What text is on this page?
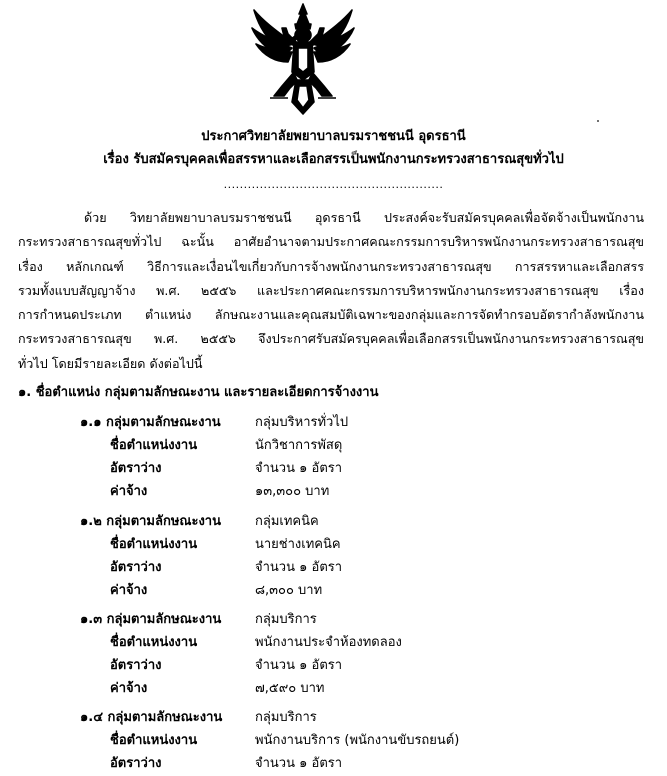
ประกาศวิทยาลัยพยาบาลบรมราชชนนี อุดรธานี
เรื่อง รับสมัครบุคคลเพื่อสรรหาและเลือกสรรเป็นพนักงานกระทรวงสาธารณสุขทั่วไป
.......................................................
ด้วย วิทยาลัยพยาบาลบรมราชชนนี อุดรธานี ประสงค์จะรับสมัครบุคคลเพื่อจัดจ้างเป็นพนักงาน
กระทรวงสาธารณสุขทั่วไป ฉะนั้น อาศัยอำนาจตามประกาศคณะกรรมการบริหารพนักงานกระทรวงสาธารณสุข
เรื่อง หลักเกณฑ์ วิธีการและเงื่อนไขเกี่ยวกับการจ้างพนักงานกระทรวงสาธารณสุข การสรรหาและเลือกสรร
รวมทั้งแบบสัญญาจ้าง พ.ศ. ๒๕๕๖ และประกาศคณะกรรมการบริหารพนักงานกระทรวงสาธารณสุข เรื่อง
การกำหนดประเภท ตำแหน่ง ลักษณะงานและคุณสมบัติเฉพาะของกลุ่มและการจัดทำกรอบอัตรากำลังพนักงาน
กระทรวงสาธารณสุข พ.ศ. ๒๕๕๖ จึงประกาศรับสมัครบุคคลเพื่อเลือกสรรเป็นพนักงานกระทรวงสาธารณสุข
ทั่วไป โดยมีรายละเอียด ดังต่อไปนี้
๑. ชื่อตำแหน่ง กลุ่มตามลักษณะงาน และรายละเอียดการจ้างงาน
๑.๑ กลุ่มตามลักษณะงาน	กลุ่มบริหารทั่วไป
ชื่อตำแหน่งงาน	นักวิชาการพัสดุ
อัตราว่าง	จำนวน ๑ อัตรา
ค่าจ้าง	๑๓,๓๐๐ บาท
๑.๒ กลุ่มตามลักษณะงาน	กลุ่มเทคนิค
ชื่อตำแหน่งงาน	นายช่างเทคนิค
อัตราว่าง	จำนวน ๑ อัตรา
ค่าจ้าง	๘,๓๐๐ บาท
๑.๓ กลุ่มตามลักษณะงาน	กลุ่มบริการ
ชื่อตำแหน่งงาน	พนักงานประจำห้องทดลอง
อัตราว่าง	จำนวน ๑ อัตรา
ค่าจ้าง	๗,๕๙๐ บาท
๑.๔ กลุ่มตามลักษณะงาน	กลุ่มบริการ
ชื่อตำแหน่งงาน	พนักงานบริการ (พนักงานขับรถยนต์)
อัตราว่าง	จำนวน ๑ อัตรา
